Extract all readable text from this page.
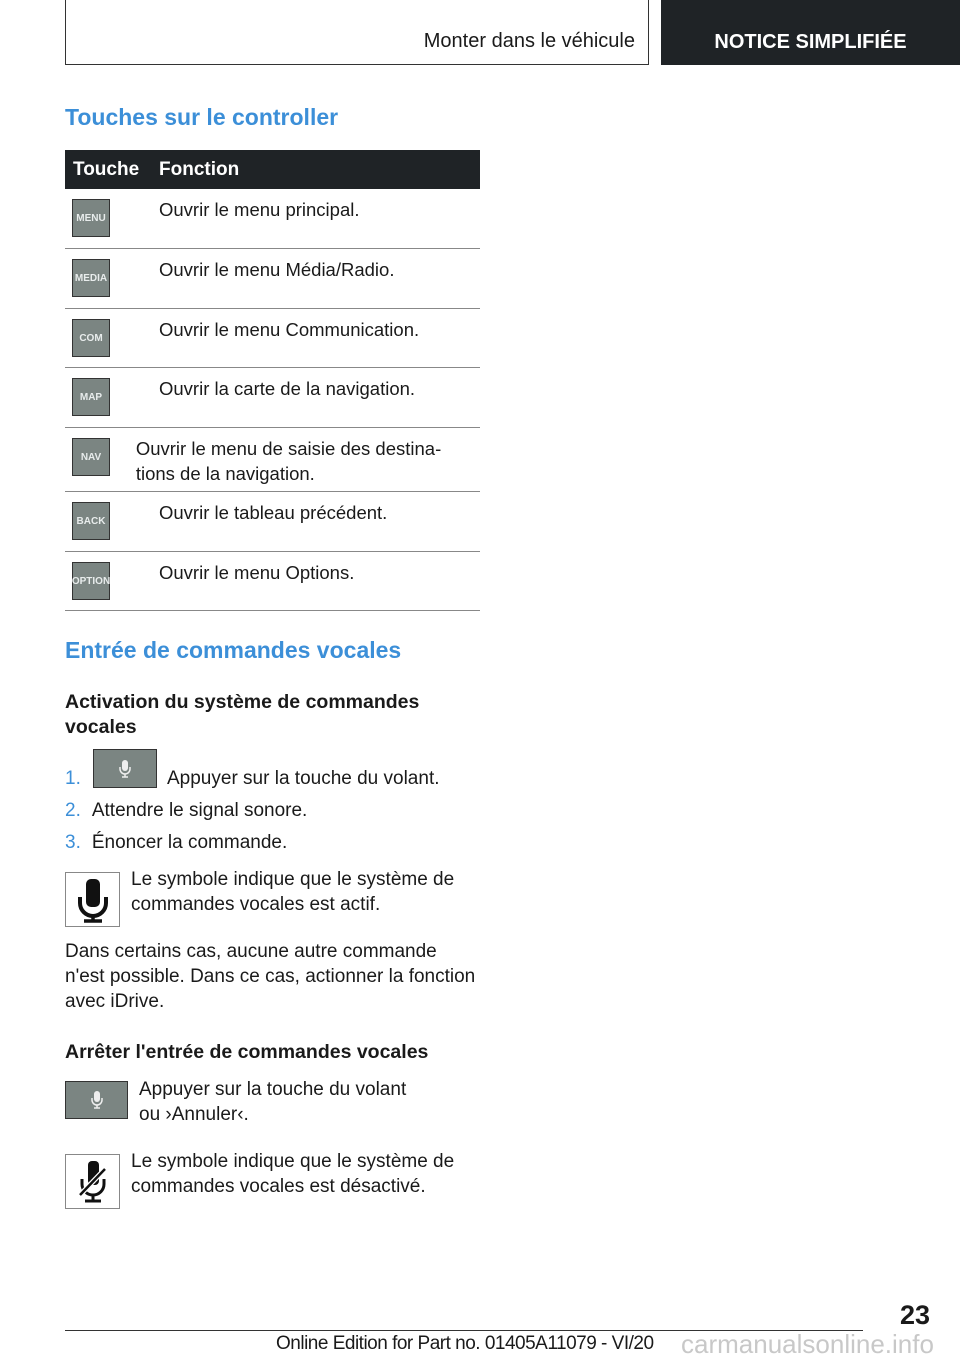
Monter dans le véhicule	NOTICE SIMPLIFIÉE
Touches sur le controller
Touche	Fonction
MENU	Ouvrir le menu principal.
MEDIA	Ouvrir le menu Média/Radio.
COM	Ouvrir le menu Communication.
MAP	Ouvrir la carte de la navigation.
NAV	Ouvrir le menu de saisie des destina-tions de la navigation.
BACK	Ouvrir le tableau précédent.
OPTION	Ouvrir le menu Options.
Entrée de commandes vocales
Activation du système de commandes vocales
1.	Appuyer sur la touche du volant.
2. Attendre le signal sonore.
3. Énoncer la commande.
Le symbole indique que le système de commandes vocales est actif.
Dans certains cas, aucune autre commande n'est possible. Dans ce cas, actionner la fonction avec iDrive.
Arrêter l'entrée de commandes vocales
Appuyer sur la touche du volant ou ›Annuler‹.
Le symbole indique que le système de commandes vocales est désactivé.
23
Online Edition for Part no. 01405A11079 - VI/20 carmanualsonline.info
